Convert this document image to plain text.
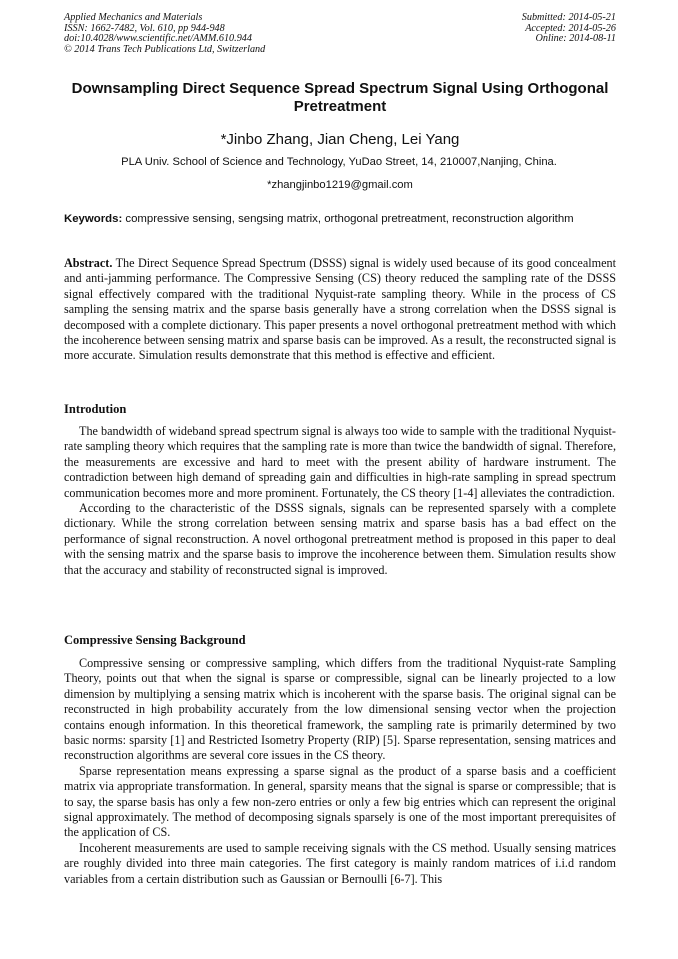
Applied Mechanics and Materials
ISSN: 1662-7482, Vol. 610, pp 944-948
doi:10.4028/www.scientific.net/AMM.610.944
© 2014 Trans Tech Publications Ltd, Switzerland
Submitted: 2014-05-21
Accepted: 2014-05-26
Online: 2014-08-11
Downsampling Direct Sequence Spread Spectrum Signal Using Orthogonal Pretreatment
*Jinbo Zhang, Jian Cheng, Lei Yang
PLA Univ. School of Science and Technology, YuDao Street, 14, 210007,Nanjing, China.
*zhangjinbo1219@gmail.com
Keywords: compressive sensing, sengsing matrix, orthogonal pretreatment, reconstruction algorithm
Abstract. The Direct Sequence Spread Spectrum (DSSS) signal is widely used because of its good concealment and anti-jamming performance. The Compressive Sensing (CS) theory reduced the sampling rate of the DSSS signal effectively compared with the traditional Nyquist-rate sampling theory. While in the process of CS sampling the sensing matrix and the sparse basis generally have a strong correlation when the DSSS signal is decomposed with a complete dictionary. This paper presents a novel orthogonal pretreatment method with which the incoherence between sensing matrix and sparse basis can be improved. As a result, the reconstructed signal is more accurate. Simulation results demonstrate that this method is effective and efficient.
Introdution

The bandwidth of wideband spread spectrum signal is always too wide to sample with the traditional Nyquist-rate sampling theory which requires that the sampling rate is more than twice the bandwidth of signal. Therefore, the measurements are excessive and hard to meet with the present ability of hardware instrument. The contradiction between high demand of spreading gain and difficulties in high-rate sampling in spread spectrum communication becomes more and more prominent. Fortunately, the CS theory [1-4] alleviates the contradiction.

According to the characteristic of the DSSS signals, signals can be represented sparsely with a complete dictionary. While the strong correlation between sensing matrix and sparse basis has a bad effect on the performance of signal reconstruction. A novel orthogonal pretreatment method is proposed in this paper to deal with the sensing matrix and the sparse basis to improve the incoherence between them. Simulation results show that the accuracy and stability of reconstructed signal is improved.

Compressive Sensing Background

Compressive sensing or compressive sampling, which differs from the traditional Nyquist-rate Sampling Theory, points out that when the signal is sparse or compressible, signal can be linearly projected to a low dimension by multiplying a sensing matrix which is incoherent with the sparse basis. The original signal can be reconstructed in high probability accurately from the low dimensional sensing vector when the projection contains enough information. In this theoretical framework, the sampling rate is primarily determined by two basic norms: sparsity [1] and Restricted Isometry Property (RIP) [5]. Sparse representation, sensing matrices and reconstruction algorithms are several core issues in the CS theory.

Sparse representation means expressing a sparse signal as the product of a sparse basis and a coefficient matrix via appropriate transformation. In general, sparsity means that the signal is sparse or compressible; that is to say, the sparse basis has only a few non-zero entries or only a few big entries which can represent the original signal approximately. The method of decomposing signals sparsely is one of the most important prerequisites of the application of CS.

Incoherent measurements are used to sample receiving signals with the CS method. Usually sensing matrices are roughly divided into three main categories. The first category is mainly random matrices of i.i.d random variables from a certain distribution such as Gaussian or Bernoulli [6-7]. This
